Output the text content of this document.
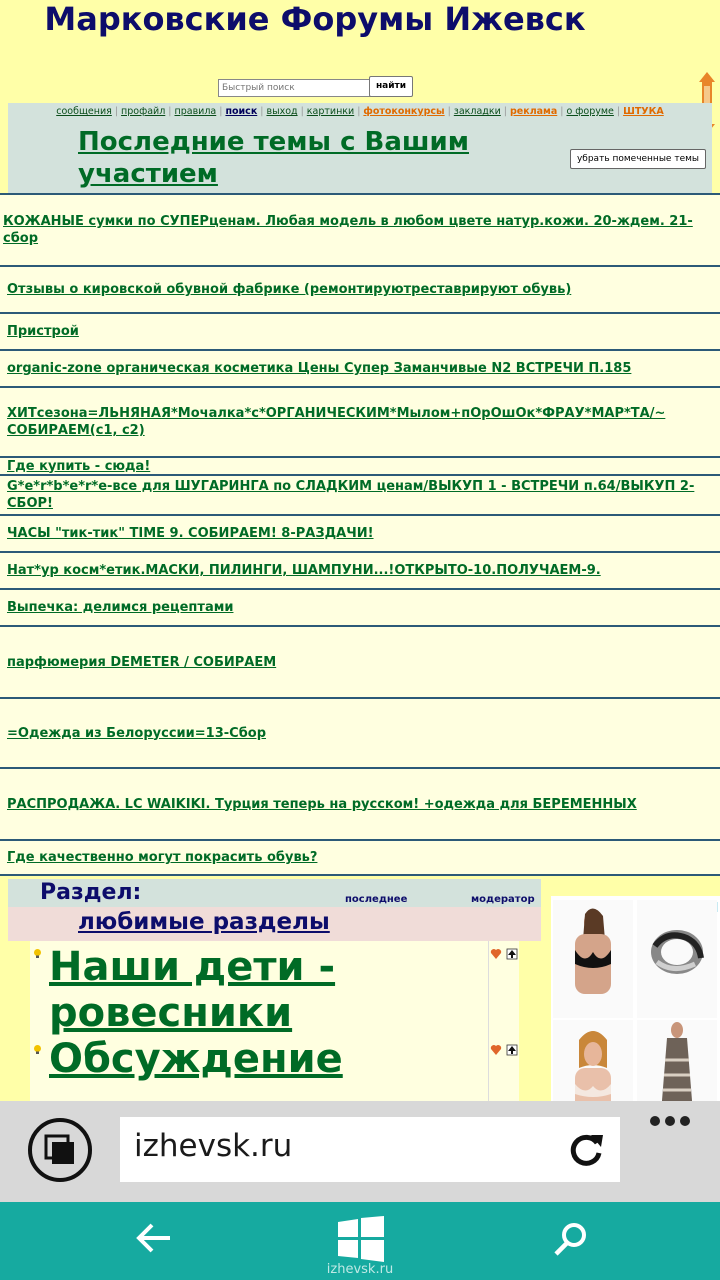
Марковские Форумы Ижевск
Быстрый поиск
найти
сообщения | профайл | правила | поиск | выход | картинки | фотоконкурсы | закладки | реклама | о форуме | ШТУКА
Последние темы с Вашим участием	убрать помеченные темы
КОЖАНЫЕ сумки по СУПЕРценам. Любая модель в любом цвете натур.кожи. 20-ждем. 21-сбор
Отзывы о кировской обувной фабрике (ремонтируютреставрируют обувь)
Пристрой
organic-zone органическая косметика Цены Супер Заманчивые N2 ВСТРЕЧИ П.185
ХИТсезона=ЛЬНЯНАЯ*Мочалка*с*ОРГАНИЧЕСКИМ*Мылом+пОрОшОк*ФРАУ*МАР*ТА/~ СОБИРАЕМ(с1, с2)
Где купить - сюда!
G*e*r*b*e*r*e-все для ШУГАРИНГА по СЛАДКИМ ценам/ВЫКУП 1 - ВСТРЕЧИ п.64/ВЫКУП 2-СБОР!
ЧАСЫ "тик-тик" TIME 9. СОБИРАЕМ! 8-РАЗДАЧИ!
Нат*ур косм*етик.МАСКИ, ПИЛИНГИ, ШАМПУНИ...!ОТКРЫТО-10.ПОЛУЧАЕМ-9.
Выпечка: делимся рецептами
парфюмерия DEMETER / СОБИРАЕМ
=Одежда из Белоруссии=13-Сбор
РАСПРОДАЖА. LC WAIKIKI. Турция теперь на русском! +одежда для БЕРЕМЕННЫХ
Где качественно могут покрасить обувь?
Раздел:	последнее	модератор
любимые разделы
Наши дети - ровесники Обсуждение
izhevsk.ru
izhevsk.ru
